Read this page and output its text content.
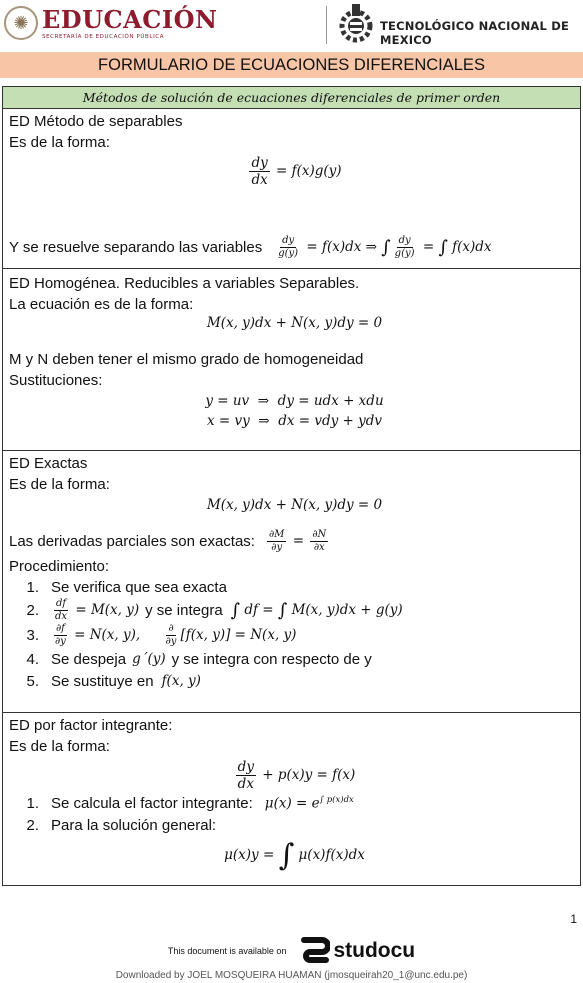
✺ EDUCACIÓN
SECRETARÍA DE EDUCACIÓN PÚBLICA
TECNOLÓGICO NACIONAL DE MEXICO
FORMULARIO DE ECUACIONES DIFERENCIALES
Métodos de solución de ecuaciones diferenciales de primer orden
ED Método de separables
Es de la forma:
$\frac{dy}{dx} = f(x)g(y)$
Y se resuelve separando las variables $\frac{dy}{g(y)} = f(x)dx$ ⇒ ∫ $\frac{dy}{g(y)}$ = ∫ f(x)dx
ED Homogénea. Reducibles a variables Separables.
La ecuación es de la forma:
M(x, y)dx + N(x, y)dy = 0
M y N deben tener el mismo grado de homogeneidad
Sustituciones:
y = uv  ⇒  dy = udx + xdu
x = vy  ⇒  dx = vdy + ydv
ED Exactas
Es de la forma:
M(x, y)dx + N(x, y)dy = 0
Las derivadas parciales son exactas: $\frac{\partial M}{\partial y} = \frac{\partial N}{\partial x}$
Procedimiento:
1. Se verifica que sea exacta
2.	$\frac{df}{dx} = M(x$, y) y se integra ∫ df = ∫ M(x, y)dx + g(y)
3.	$\frac{\partial f}{\partial y} = N(x$, y), $\frac{\partial}{\partial y} [f(x$, y)] = N(x, y)
4. Se despeja g´(y) y se integra con respecto de y
5. Se sustituye en f(x, y)
ED por factor integrante:
Es de la forma:
$\frac{dy}{dx} + p(x)y = f(x)$
1. Se calcula el factor integrante: $\mu(x) = e^{\int p(x)dx}$
2. Para la solución general:
μ(x)y = ∫ μ(x)f(x)dx
1
This document is available on studocu
Downloaded by JOEL MOSQUEIRA HUAMAN (jmosqueirah20_1@unc.edu.pe)
